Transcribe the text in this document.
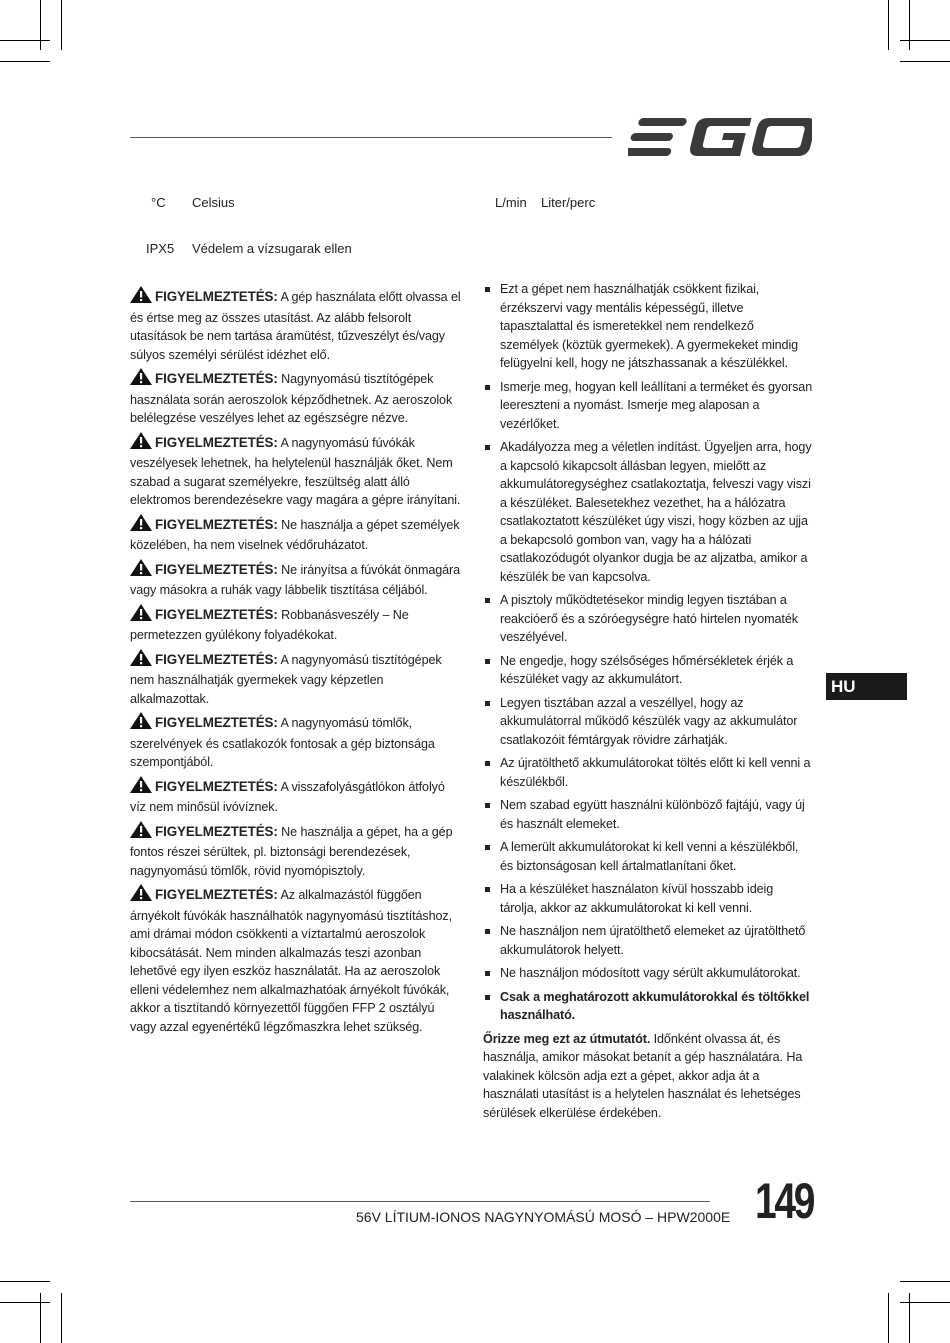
°C Celsius	L/min Liter/perc
IPX5 Védelem a vízsugarak ellen

FIGYELMEZTETÉS: A gép használata előtt olvassa el és értse meg az összes utasítást. Az alább felsorolt utasítások be nem tartása áramütést, tűzveszélyt és/vagy súlyos személyi sérülést idézhet elő.

FIGYELMEZTETÉS: Nagynyomású tisztítógépek használata során aeroszolok képződhetnek. Az aeroszolok belélegzése veszélyes lehet az egészségre nézve.

FIGYELMEZTETÉS: A nagynyomású fúvókák veszélyesek lehetnek, ha helytelenül használják őket. Nem szabad a sugarat személyekre, feszültség alatt álló elektromos berendezésekre vagy magára a gépre irányítani.

FIGYELMEZTETÉS: Ne használja a gépet személyek közelében, ha nem viselnek védőruházatot.

FIGYELMEZTETÉS: Ne irányítsa a fúvókát önmagára vagy másokra a ruhák vagy lábbelik tisztítása céljából.

FIGYELMEZTETÉS: Robbanásveszély – Ne permetezzen gyúlékony folyadékokat.

FIGYELMEZTETÉS: A nagynyomású tisztítógépek nem használhatják gyermekek vagy képzetlen alkalmazottak.

FIGYELMEZTETÉS: A nagynyomású tömlők, szerelvények és csatlakozók fontosak a gép biztonsága szempontjából.

FIGYELMEZTETÉS: A visszafolyásgátlókon átfolyó víz nem minősül ivóvíznek.

FIGYELMEZTETÉS: Ne használja a gépet, ha a gép fontos részei sérültek, pl. biztonsági berendezések, nagynyomású tömlők, rövid nyomópisztoly.

FIGYELMEZTETÉS: Az alkalmazástól függően árnyékolt fúvókák használhatók nagynyomású tisztításhoz, ami drámai módon csökkenti a víztartalmú aeroszolok kibocsátását. Nem minden alkalmazás teszi azonban lehetővé egy ilyen eszköz használatát. Ha az aeroszolok elleni védelemhez nem alkalmazhatóak árnyékolt fúvókák, akkor a tisztítandó környezettől függően FFP 2 osztályú vagy azzal egyenértékű légzőmaszkra lehet szükség.

Ezt a gépet nem használhatják csökkent fizikai, érzékszervi vagy mentális képességű, illetve tapasztalattal és ismeretekkel nem rendelkező személyek (köztük gyermekek). A gyermekeket mindig felügyelni kell, hogy ne játszhassanak a készülékkel.
Ismerje meg, hogyan kell leállítani a terméket és gyorsan leereszteni a nyomást. Ismerje meg alaposan a vezérlőket.
Akadályozza meg a véletlen indítást. Ügyeljen arra, hogy a kapcsoló kikapcsolt állásban legyen, mielőtt az akkumulátoregységhez csatlakoztatja, felveszi vagy viszi a készüléket. Balesetekhez vezethet, ha a hálózatra csatlakoztatott készüléket úgy viszi, hogy közben az ujja a bekapcsoló gombon van, vagy ha a hálózati csatlakozódugót olyankor dugja be az aljzatba, amikor a készülék be van kapcsolva.
A pisztoly működtetésekor mindig legyen tisztában a reakcióerő és a szóróegységre ható hirtelen nyomaték veszélyével.
Ne engedje, hogy szélsőséges hőmérsékletek érjék a készüléket vagy az akkumulátort.
Legyen tisztában azzal a veszéllyel, hogy az akkumulátorral működő készülék vagy az akkumulátor csatlakozóit fémtárgyak rövidre zárhatják.
Az újratölthető akkumulátorokat töltés előtt ki kell venni a készülékből.
Nem szabad együtt használni különböző fajtájú, vagy új és használt elemeket.
A lemerült akkumulátorokat ki kell venni a készülékből, és biztonságosan kell ártalmatlanítani őket.
Ha a készüléket használaton kívül hosszabb ideig tárolja, akkor az akkumulátorokat ki kell venni.
Ne használjon nem újratölthető elemeket az újratölthető akkumulátorok helyett.
Ne használjon módosított vagy sérült akkumulátorokat.
Csak a meghatározott akkumulátorokkal és töltőkkel használható.

Őrizze meg ezt az útmutatót. Időnként olvassa át, és használja, amikor másokat betanít a gép használatára. Ha valakinek kölcsön adja ezt a gépet, akkor adja át a használati utasítást is a helytelen használat és lehetséges sérülések elkerülése érdekében.

HU
56V LÍTIUM-IONOS NAGYNYOMÁSÚ MOSÓ – HPW2000E 149
